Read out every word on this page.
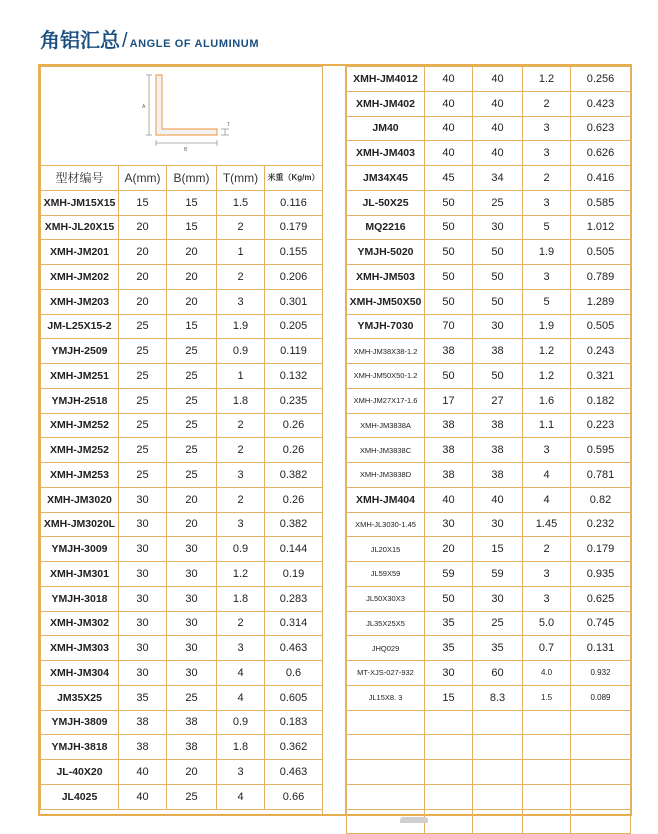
角铝汇总 / ANGLE OF ALUMINUM
A
B
T				

型材编号	A(mm)	B(mm)	T(mm)	米重（Kg/m）
XMH-JM15X15	15	15	1.5	0.116
XMH-JL20X15	20	15	2	0.179
XMH-JM201	20	20	1	0.155
XMH-JM202	20	20	2	0.206
XMH-JM203	20	20	3	0.301
JM-L25X15-2	25	15	1.9	0.205
YMJH-2509	25	25	0.9	0.119
XMH-JM251	25	25	1	0.132
YMJH-2518	25	25	1.8	0.235
XMH-JM252	25	25	2	0.26
XMH-JM252	25	25	2	0.26
XMH-JM253	25	25	3	0.382
XMH-JM3020	30	20	2	0.26
XMH-JM3020L	30	20	3	0.382
YMJH-3009	30	30	0.9	0.144
XMH-JM301	30	30	1.2	0.19
YMJH-3018	30	30	1.8	0.283
XMH-JM302	30	30	2	0.314
XMH-JM303	30	30	3	0.463
XMH-JM304	30	30	4	0.6
JM35X25	35	25	4	0.605
YMJH-3809	38	38	0.9	0.183
YMJH-3818	38	38	1.8	0.362
JL-40X20	40	20	3	0.463
JL4025	40	25	4	0.66
XMH-JM4012	40	40	1.2	0.256
XMH-JM402	40	40	2	0.423
JM40	40	40	3	0.623
XMH-JM403	40	40	3	0.626
JM34X45	45	34	2	0.416
JL-50X25	50	25	3	0.585
MQ2216	50	30	5	1.012
YMJH-5020	50	50	1.9	0.505
XMH-JM503	50	50	3	0.789
XMH-JM50X50	50	50	5	1.289
YMJH-7030	70	30	1.9	0.505
XMH-JM38X38-1.2	38	38	1.2	0.243
XMH-JM50X50-1.2	50	50	1.2	0.321
XMH-JM27X17-1.6	17	27	1.6	0.182
XMH-JM3838A	38	38	1.1	0.223
XMH-JM3838C	38	38	3	0.595
XMH-JM3838D	38	38	4	0.781
XMH-JM404	40	40	4	0.82
XMH-JL3030-1.45	30	30	1.45	0.232
JL20X15	20	15	2	0.179
JL59X59	59	59	3	0.935
JL50X30X3	50	30	3	0.625
JL35X25X5	35	25	5.0	0.745
JHQ029	35	35	0.7	0.131
MT-XJS-027-932	30	60	4.0	0.932
JL15X8. 3	15	8.3	1.5	0.089
